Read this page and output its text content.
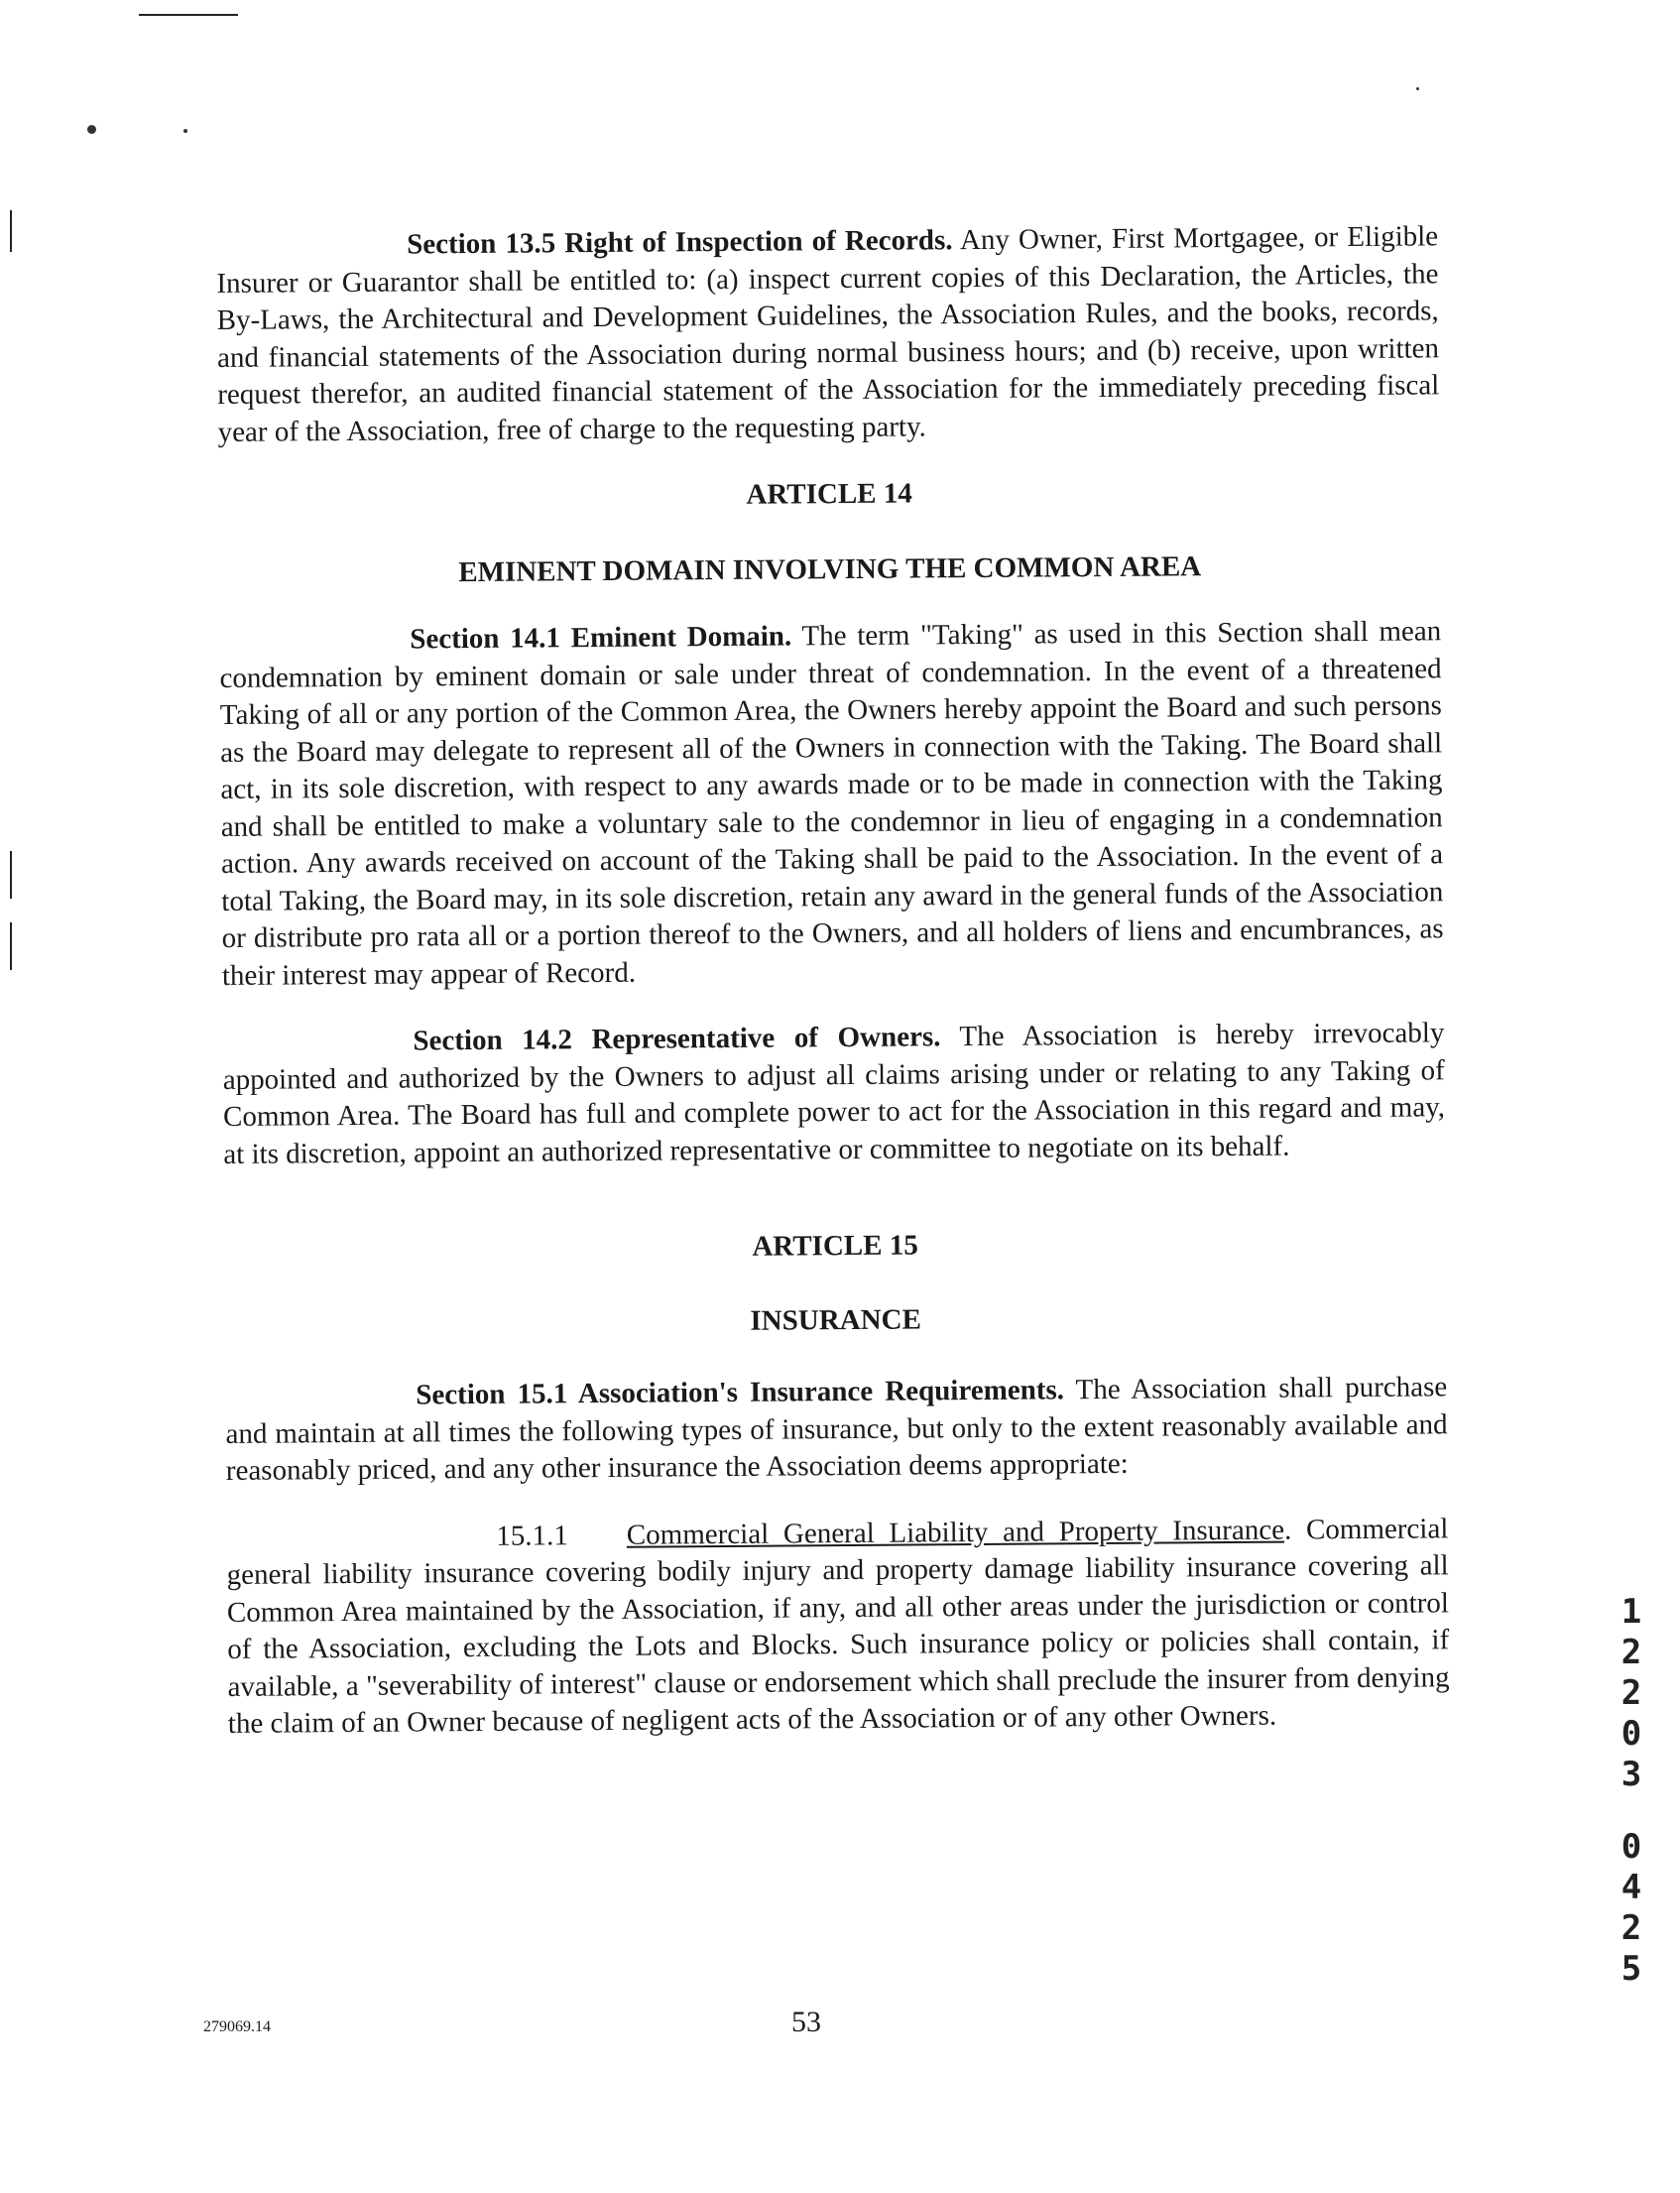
Section 13.5 Right of Inspection of Records. Any Owner, First Mortgagee, or Eligible Insurer or Guarantor shall be entitled to: (a) inspect current copies of this Declaration, the Articles, the By-Laws, the Architectural and Development Guidelines, the Association Rules, and the books, records, and financial statements of the Association during normal business hours; and (b) receive, upon written request therefor, an audited financial statement of the Association for the immediately preceding fiscal year of the Association, free of charge to the requesting party.

ARTICLE 14
EMINENT DOMAIN INVOLVING THE COMMON AREA

Section 14.1 Eminent Domain. The term "Taking" as used in this Section shall mean condemnation by eminent domain or sale under threat of condemnation. In the event of a threatened Taking of all or any portion of the Common Area, the Owners hereby appoint the Board and such persons as the Board may delegate to represent all of the Owners in connection with the Taking. The Board shall act, in its sole discretion, with respect to any awards made or to be made in connection with the Taking and shall be entitled to make a voluntary sale to the condemnor in lieu of engaging in a condemnation action. Any awards received on account of the Taking shall be paid to the Association. In the event of a total Taking, the Board may, in its sole discretion, retain any award in the general funds of the Association or distribute pro rata all or a portion thereof to the Owners, and all holders of liens and encumbrances, as their interest may appear of Record.

Section 14.2 Representative of Owners. The Association is hereby irrevocably appointed and authorized by the Owners to adjust all claims arising under or relating to any Taking of Common Area. The Board has full and complete power to act for the Association in this regard and may, at its discretion, appoint an authorized representative or committee to negotiate on its behalf.

ARTICLE 15
INSURANCE

Section 15.1 Association's Insurance Requirements. The Association shall purchase and maintain at all times the following types of insurance, but only to the extent reasonably available and reasonably priced, and any other insurance the Association deems appropriate:

15.1.1 Commercial General Liability and Property Insurance. Commercial general liability insurance covering bodily injury and property damage liability insurance covering all Common Area maintained by the Association, if any, and all other areas under the jurisdiction or control of the Association, excluding the Lots and Blocks. Such insurance policy or policies shall contain, if available, a "severability of interest" clause or endorsement which shall preclude the insurer from denying the claim of an Owner because of negligent acts of the Association or of any other Owners.

279069.14	53
1
2
2
0
3
0
4
2
5
